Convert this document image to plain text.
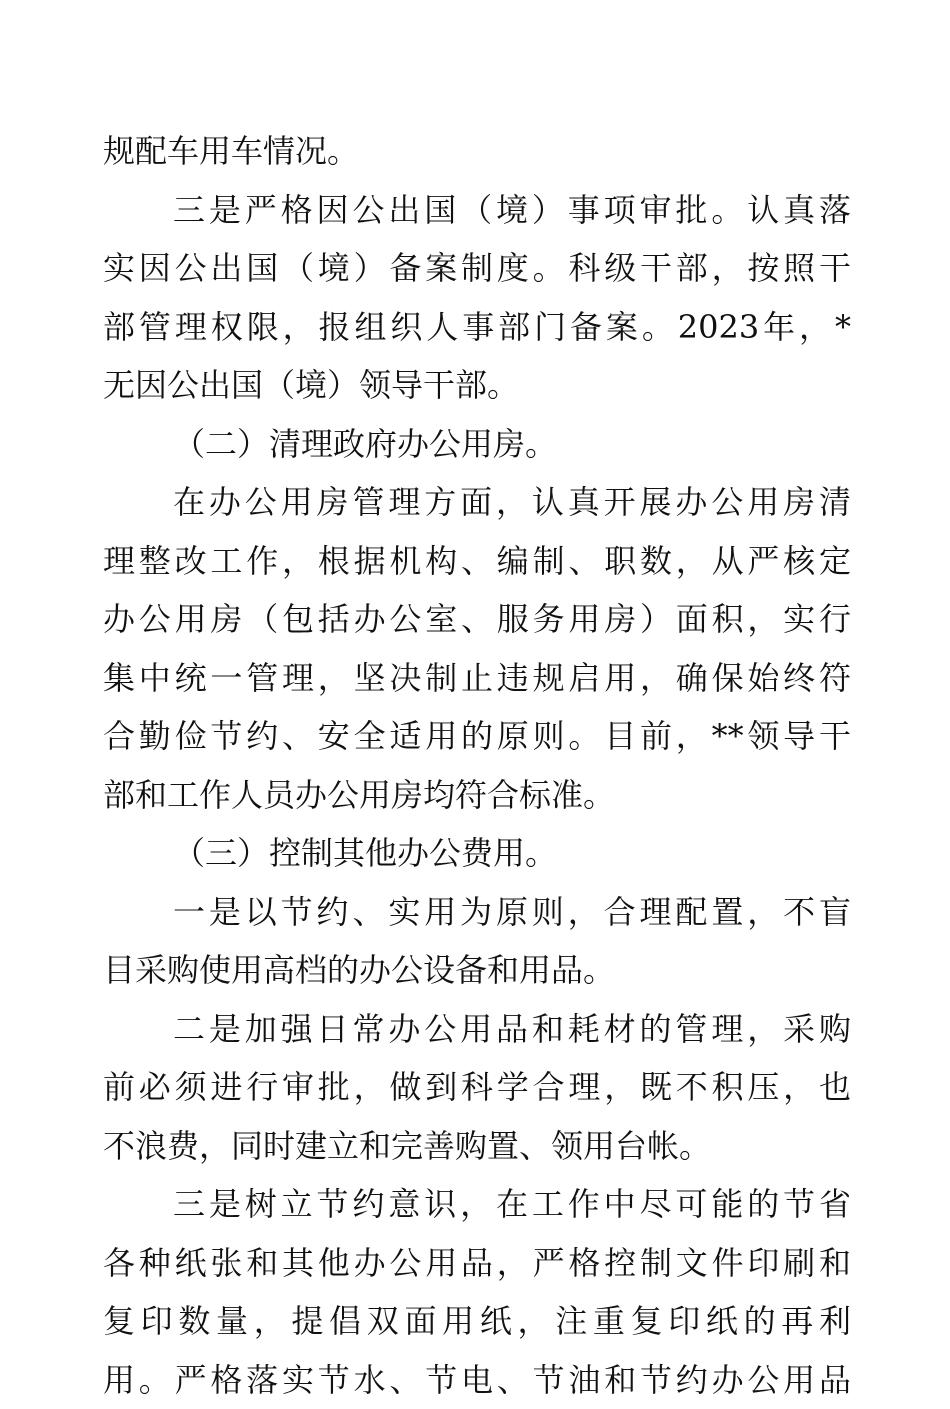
规配车用车情况。
三是严格因公出国（境）事项审批。认真落
实因公出国（境）备案制度。科级干部，按照干
部管理权限，报组织人事部门备案。2023年，*
无因公出国（境）领导干部。
（二）清理政府办公用房。
在办公用房管理方面，认真开展办公用房清
理整改工作，根据机构、编制、职数，从严核定
办公用房（包括办公室、服务用房）面积，实行
集中统一管理，坚决制止违规启用，确保始终符
合勤俭节约、安全适用的原则。目前，**领导干
部和工作人员办公用房均符合标准。
（三）控制其他办公费用。
一是以节约、实用为原则，合理配置，不盲
目采购使用高档的办公设备和用品。
二是加强日常办公用品和耗材的管理，采购
前必须进行审批，做到科学合理，既不积压，也
不浪费，同时建立和完善购置、领用台帐。
三是树立节约意识，在工作中尽可能的节省
各种纸张和其他办公用品，严格控制文件印刷和
复印数量，提倡双面用纸，注重复印纸的再利
用。严格落实节水、节电、节油和节约办公用品
